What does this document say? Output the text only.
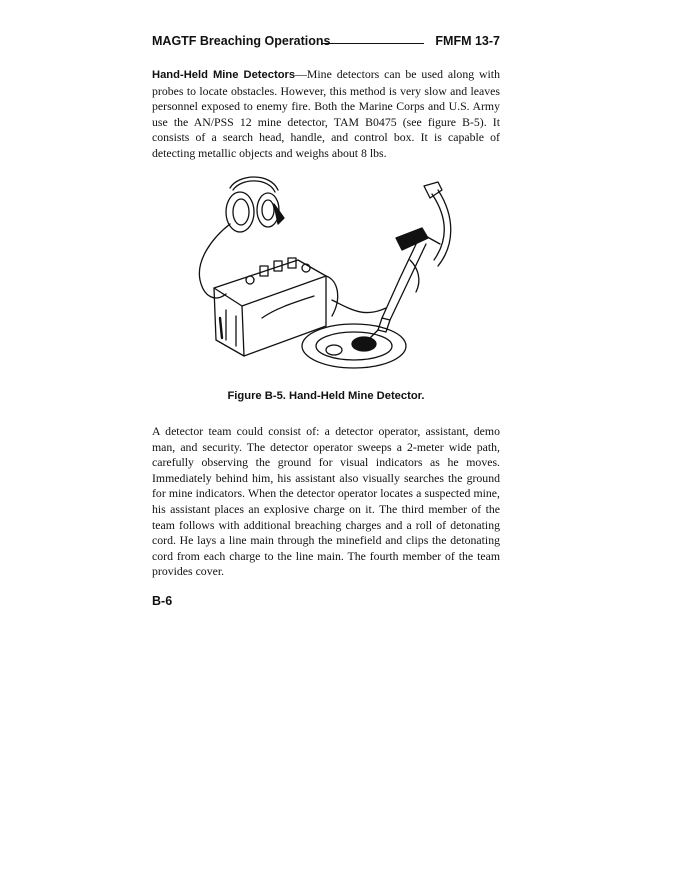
MAGTF Breaching Operations	FMFM 13-7

Hand-Held Mine Detectors—Mine detectors can be used along with probes to locate obstacles. However, this method is very slow and leaves personnel exposed to enemy fire. Both the Marine Corps and U.S. Army use the AN/PSS 12 mine detector, TAM B0475 (see figure B-5). It consists of a search head, handle, and control box. It is capable of detecting metallic objects and weighs about 8 lbs.

Figure B-5. Hand-Held Mine Detector.

A detector team could consist of: a detector operator, assistant, demo man, and security. The detector operator sweeps a 2-meter wide path, carefully observing the ground for visual indicators as he moves. Immediately behind him, his assistant also visually searches the ground for mine indicators. When the detector operator locates a suspected mine, his assistant places an explosive charge on it. The third member of the team follows with additional breaching charges and a roll of detonating cord. He lays a line main through the minefield and clips the detonating cord from each charge to the line main. The fourth member of the team provides cover.

B-6
